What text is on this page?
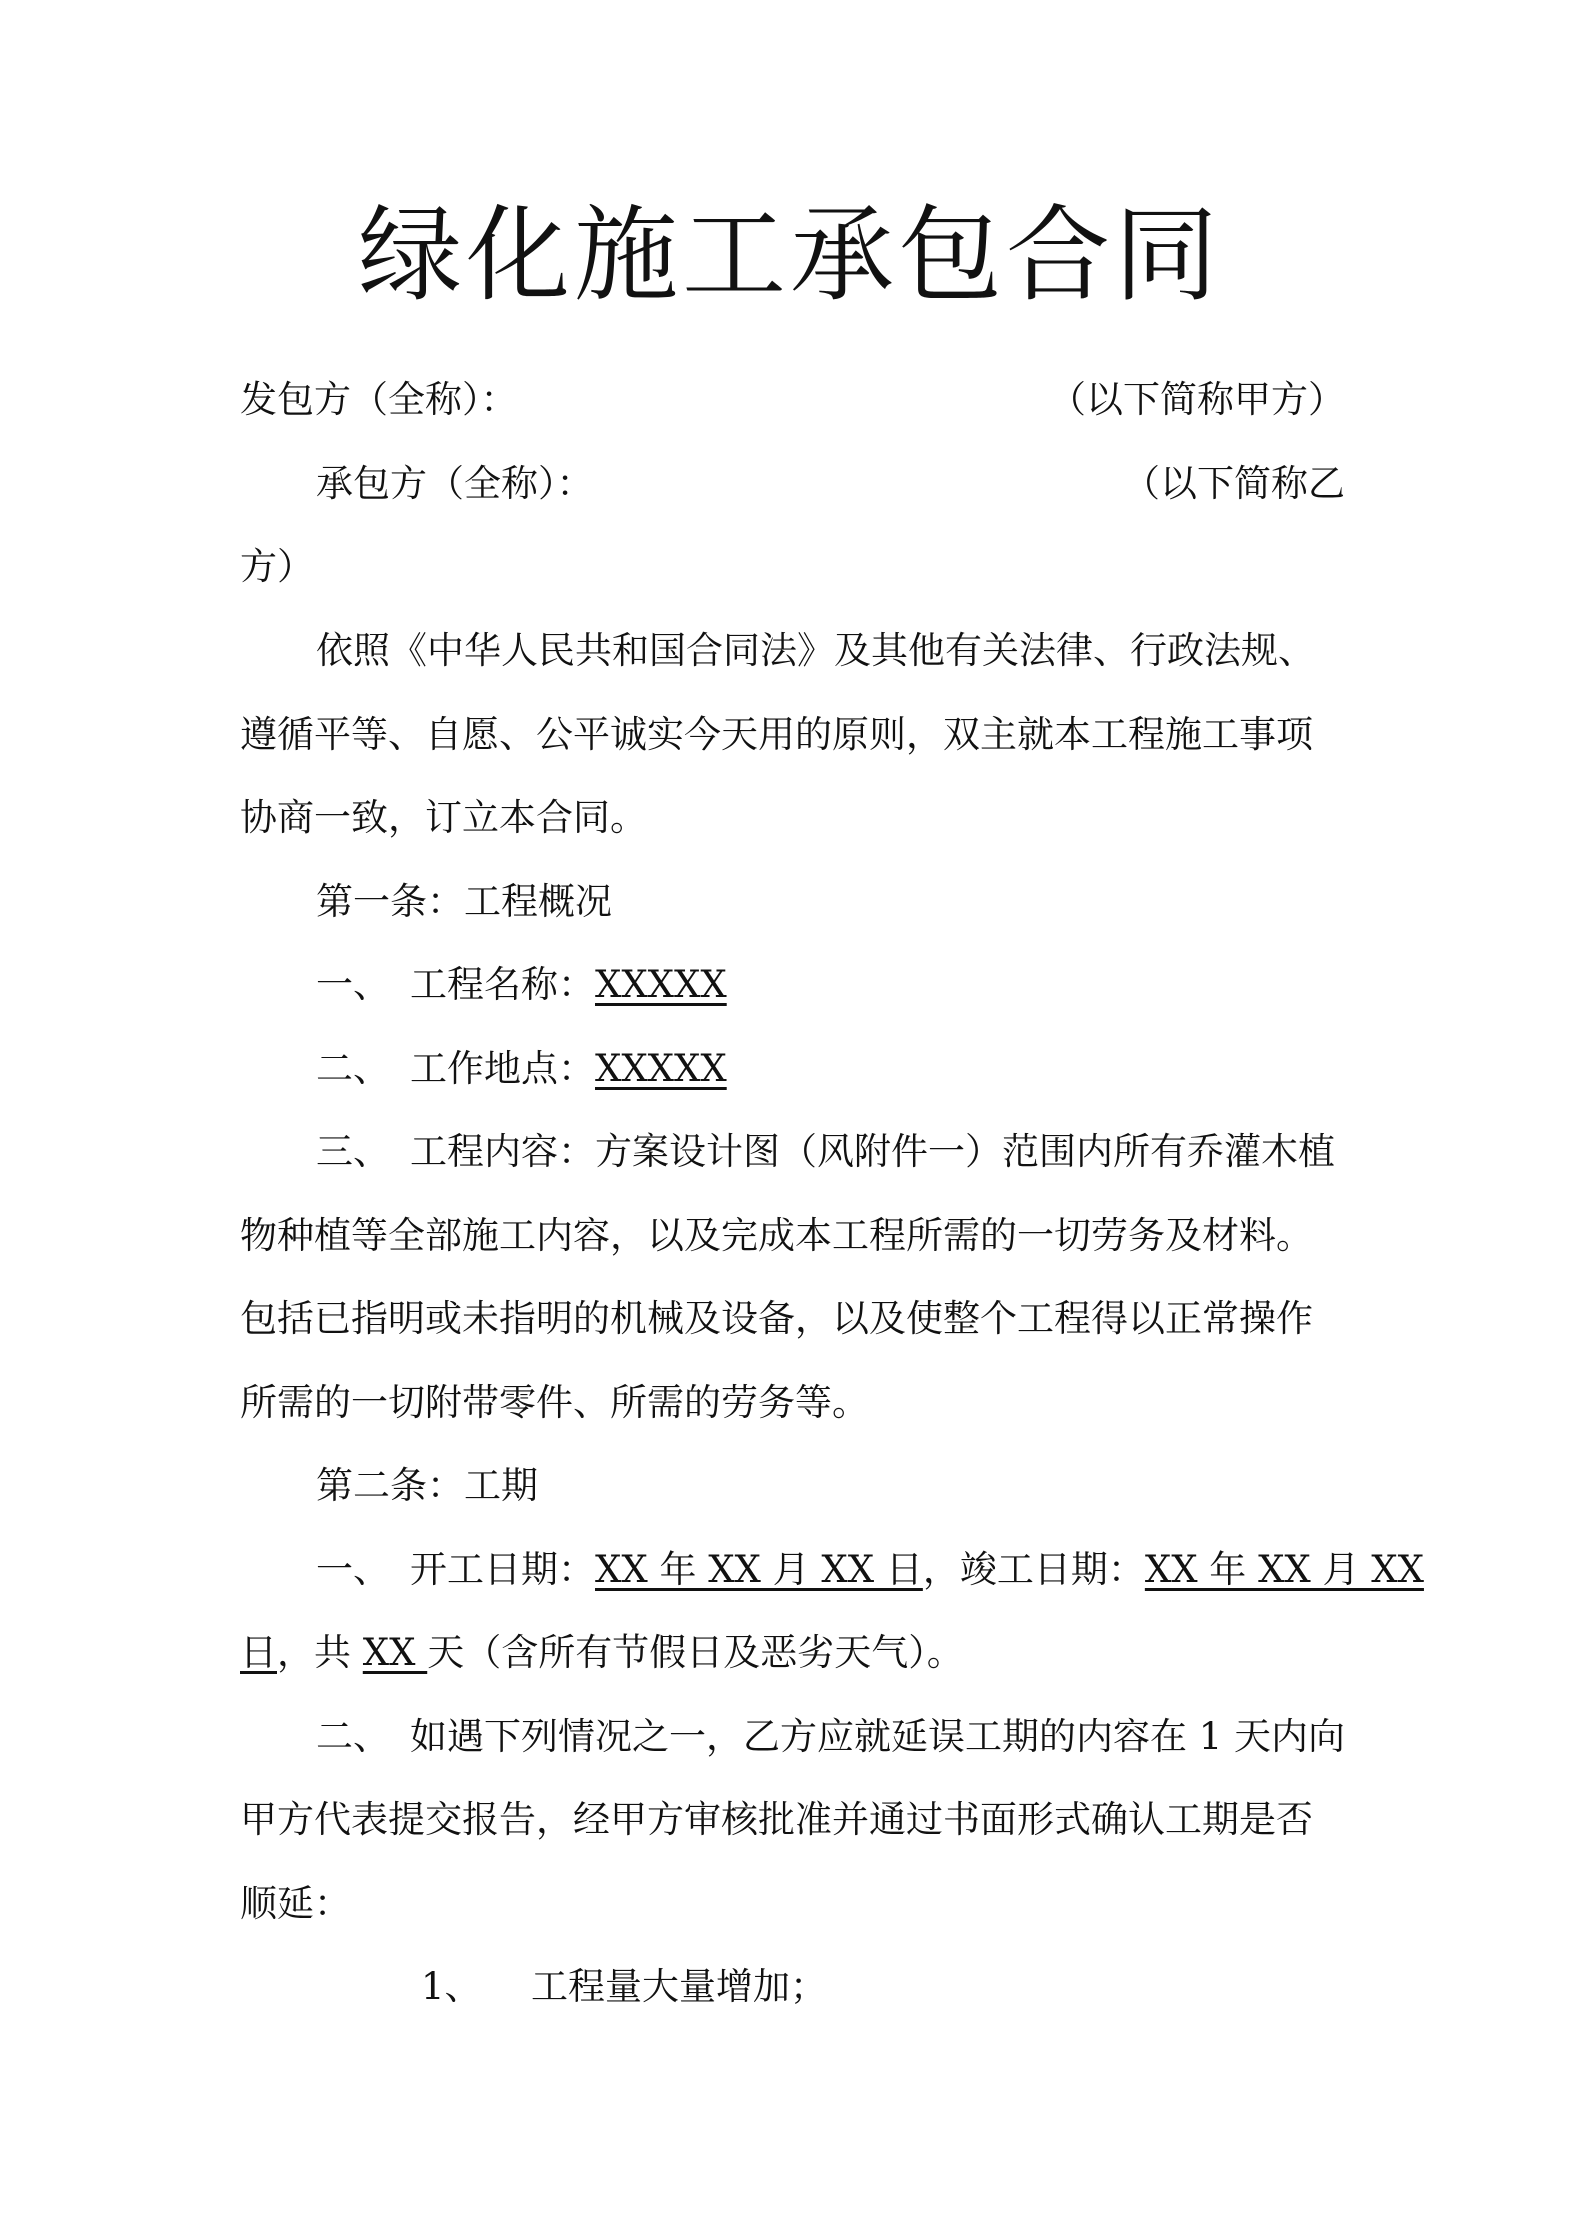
绿化施工承包合同
发包方（全称）：	（以下简称甲方）
承包方（全称）：	（以下简称乙
方）
依照《中华人民共和国合同法》及其他有关法律、行政法规、
遵循平等、自愿、公平诚实今天用的原则，双主就本工程施工事项
协商一致，订立本合同。
第一条：工程概况
一、 工程名称：XXXXX
二、 工作地点：XXXXX
三、 工程内容：方案设计图（风附件一）范围内所有乔灌木植
物种植等全部施工内容，以及完成本工程所需的一切劳务及材料。
包括已指明或未指明的机械及设备，以及使整个工程得以正常操作
所需的一切附带零件、所需的劳务等。
第二条：工期
一、 开工日期：XX 年 XX 月 XX 日，竣工日期：XX 年 XX 月 XX
日，共 XX 天（含所有节假日及恶劣天气）。
二、 如遇下列情况之一，乙方应就延误工期的内容在 1 天内向
甲方代表提交报告，经甲方审核批准并通过书面形式确认工期是否
顺延：
1、 工程量大量增加；
